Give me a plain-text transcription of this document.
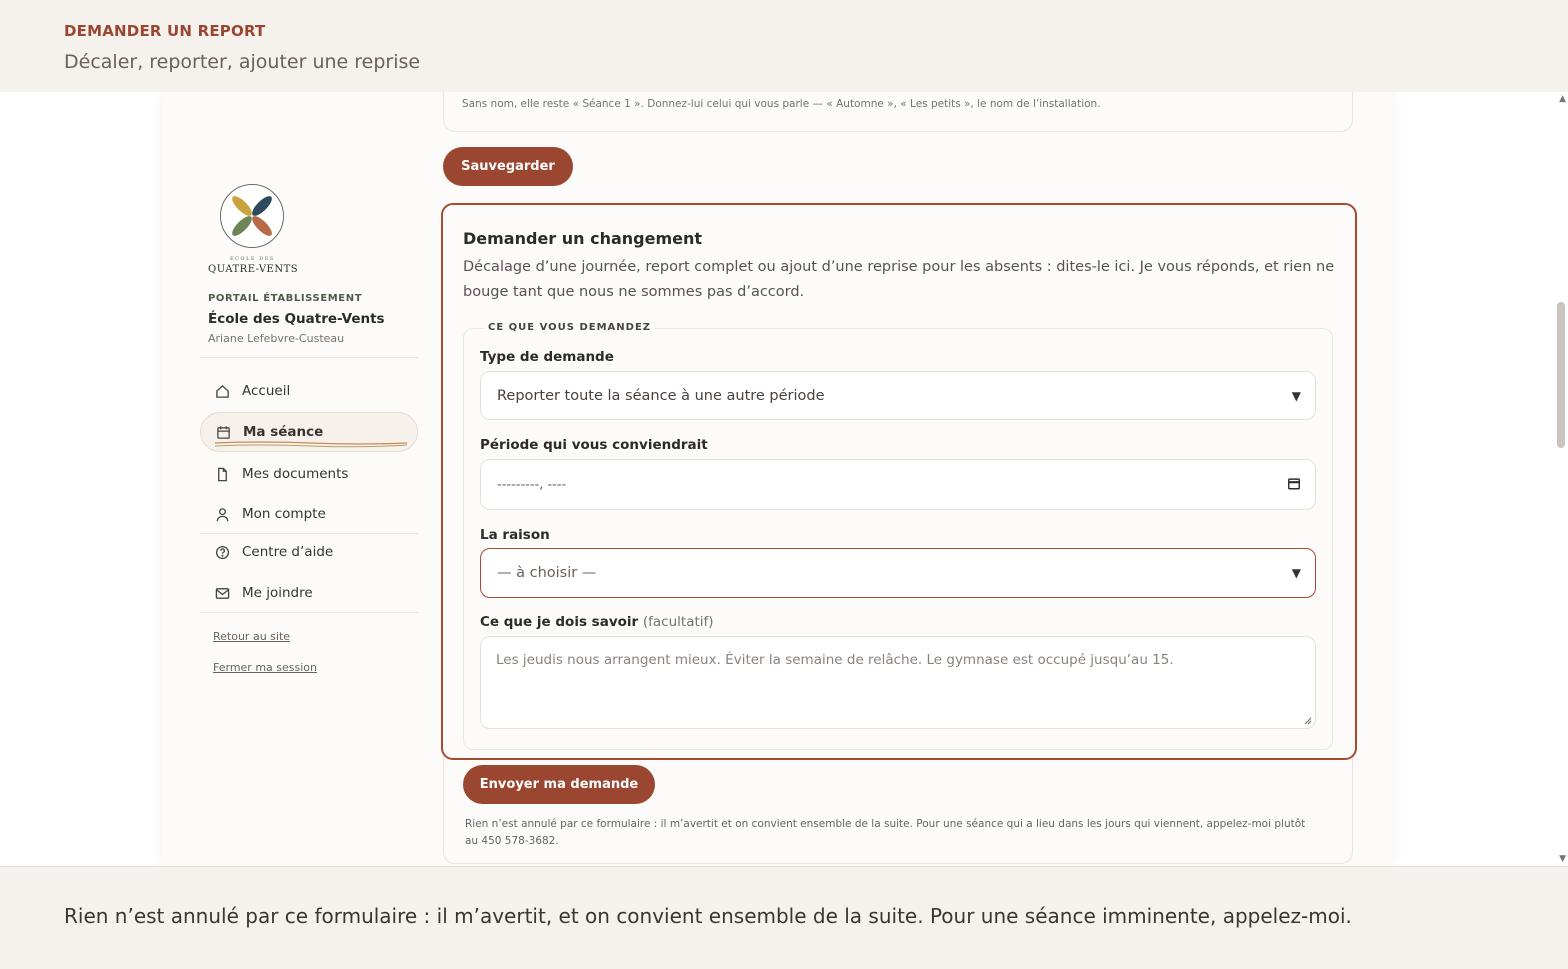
DEMANDER UN REPORT
Décaler, reporter, ajouter une reprise
ÉCOLE DES
QUATRE-VENTS
PORTAIL ÉTABLISSEMENT
École des Quatre-Vents
Ariane Lefebvre-Custeau
Accueil
Ma séance
Mes documents
Mon compte
Centre d’aide
Me joindre
Retour au site
Fermer ma session
Sans nom, elle reste « Séance 1 ». Donnez-lui celui qui vous parle — « Automne », « Les petits », le nom de l’installation.
Sauvegarder
Demander un changement
Décalage d’une journée, report complet ou ajout d’une reprise pour les absents : dites-le ici. Je vous réponds, et rien ne bouge tant que nous ne sommes pas d’accord.
CE QUE VOUS DEMANDEZ
Type de demande
Reporter toute la séance à une autre période	▼
Période qui vous conviendrait
---------, ----
La raison
— à choisir —	▼
Ce que je dois savoir (facultatif)
Les jeudis nous arrangent mieux. Éviter la semaine de relâche. Le gymnase est occupé jusqu’au 15.
Envoyer ma demande
Rien n’est annulé par ce formulaire : il m’avertit et on convient ensemble de la suite. Pour une séance qui a lieu dans les jours qui viennent, appelez-moi plutôt au 450 578-3682.
▲
▼
Rien n’est annulé par ce formulaire : il m’avertit, et on convient ensemble de la suite. Pour une séance imminente, appelez-moi.
